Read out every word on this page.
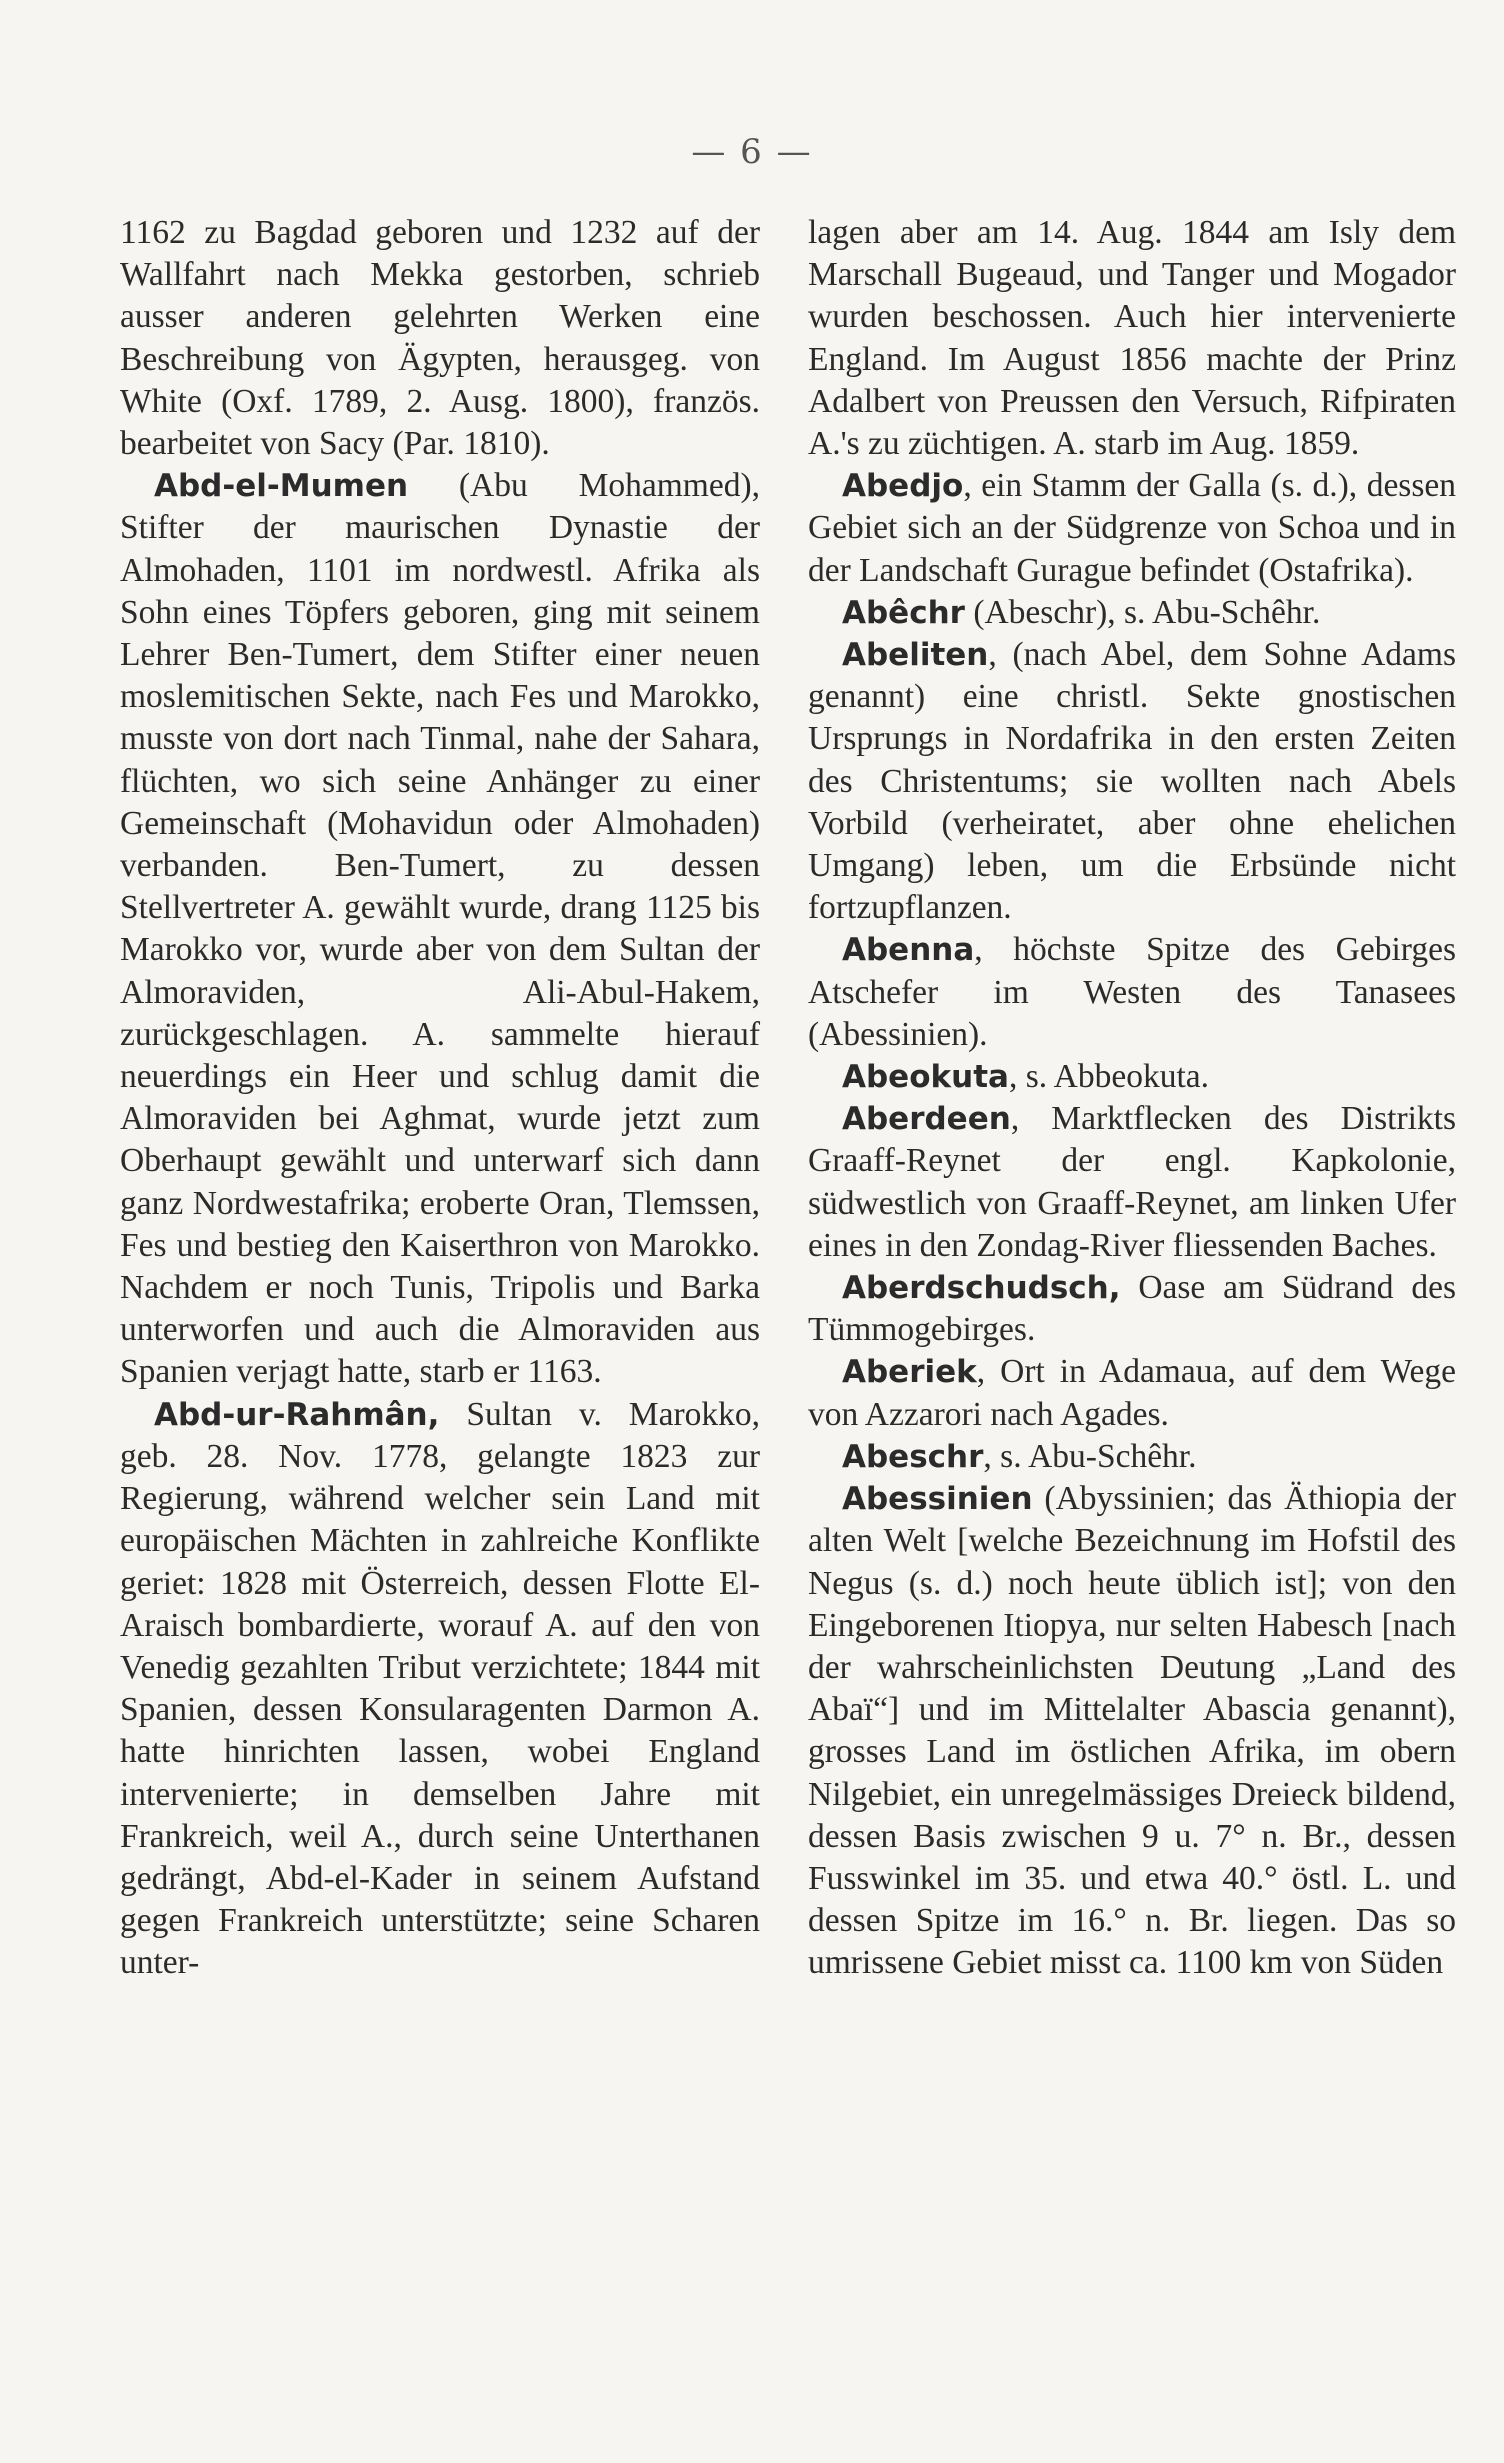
— 6 —

1162 zu Bagdad geboren und 1232 auf der Wallfahrt nach Mekka gestorben, schrieb ausser anderen gelehrten Werken eine Beschreibung von Ägypten, herausgeg. von White (Oxf. 1789, 2. Ausg. 1800), französ. bearbeitet von Sacy (Par. 1810).

Abd-el-Mumen (Abu Mohammed), Stifter der maurischen Dynastie der Almohaden, 1101 im nordwestl. Afrika als Sohn eines Töpfers geboren, ging mit seinem Lehrer Ben-Tumert, dem Stifter einer neuen moslemitischen Sekte, nach Fes und Marokko, musste von dort nach Tinmal, nahe der Sahara, flüchten, wo sich seine Anhänger zu einer Gemeinschaft (Mohavidun oder Almohaden) verbanden. Ben-Tumert, zu dessen Stellvertreter A. gewählt wurde, drang 1125 bis Marokko vor, wurde aber von dem Sultan der Almoraviden, Ali-Abul-Hakem, zurückgeschlagen. A. sammelte hierauf neuerdings ein Heer und schlug damit die Almoraviden bei Aghmat, wurde jetzt zum Oberhaupt gewählt und unterwarf sich dann ganz Nordwestafrika; eroberte Oran, Tlemssen, Fes und bestieg den Kaiserthron von Marokko. Nachdem er noch Tunis, Tripolis und Barka unterworfen und auch die Almoraviden aus Spanien verjagt hatte, starb er 1163.

Abd-ur-Rahmân, Sultan v. Marokko, geb. 28. Nov. 1778, gelangte 1823 zur Regierung, während welcher sein Land mit europäischen Mächten in zahlreiche Konflikte geriet: 1828 mit Österreich, dessen Flotte El-Araisch bombardierte, worauf A. auf den von Venedig gezahlten Tribut verzichtete; 1844 mit Spanien, dessen Konsularagenten Darmon A. hatte hinrichten lassen, wobei England intervenierte; in demselben Jahre mit Frankreich, weil A., durch seine Unterthanen gedrängt, Abd-el-Kader in seinem Aufstand gegen Frankreich unterstützte; seine Scharen unter-

lagen aber am 14. Aug. 1844 am Isly dem Marschall Bugeaud, und Tanger und Mogador wurden beschossen. Auch hier intervenierte England. Im August 1856 machte der Prinz Adalbert von Preussen den Versuch, Rifpiraten A.'s zu züchtigen. A. starb im Aug. 1859.

Abedjo, ein Stamm der Galla (s. d.), dessen Gebiet sich an der Südgrenze von Schoa und in der Landschaft Gurague befindet (Ostafrika).

Abêchr (Abeschr), s. Abu-Schêhr.

Abeliten, (nach Abel, dem Sohne Adams genannt) eine christl. Sekte gnostischen Ursprungs in Nordafrika in den ersten Zeiten des Christentums; sie wollten nach Abels Vorbild (verheiratet, aber ohne ehelichen Umgang) leben, um die Erbsünde nicht fortzupflanzen.

Abenna, höchste Spitze des Gebirges Atschefer im Westen des Tanasees (Abessinien).

Abeokuta, s. Abbeokuta.

Aberdeen, Marktflecken des Distrikts Graaff-Reynet der engl. Kapkolonie, südwestlich von Graaff-Reynet, am linken Ufer eines in den Zondag-River fliessenden Baches.

Aberdschudsch, Oase am Südrand des Tümmogebirges.

Aberiek, Ort in Adamaua, auf dem Wege von Azzarori nach Agades.

Abeschr, s. Abu-Schêhr.

Abessinien (Abyssinien; das Äthiopia der alten Welt [welche Bezeichnung im Hofstil des Negus (s. d.) noch heute üblich ist]; von den Eingeborenen Itiopya, nur selten Habesch [nach der wahrscheinlichsten Deutung „Land des Abaï“] und im Mittelalter Abascia genannt), grosses Land im östlichen Afrika, im obern Nilgebiet, ein unregelmässiges Dreieck bildend, dessen Basis zwischen 9 u. 7° n. Br., dessen Fusswinkel im 35. und etwa 40.° östl. L. und dessen Spitze im 16.° n. Br. liegen. Das so umrissene Gebiet misst ca. 1100 km von Süden
